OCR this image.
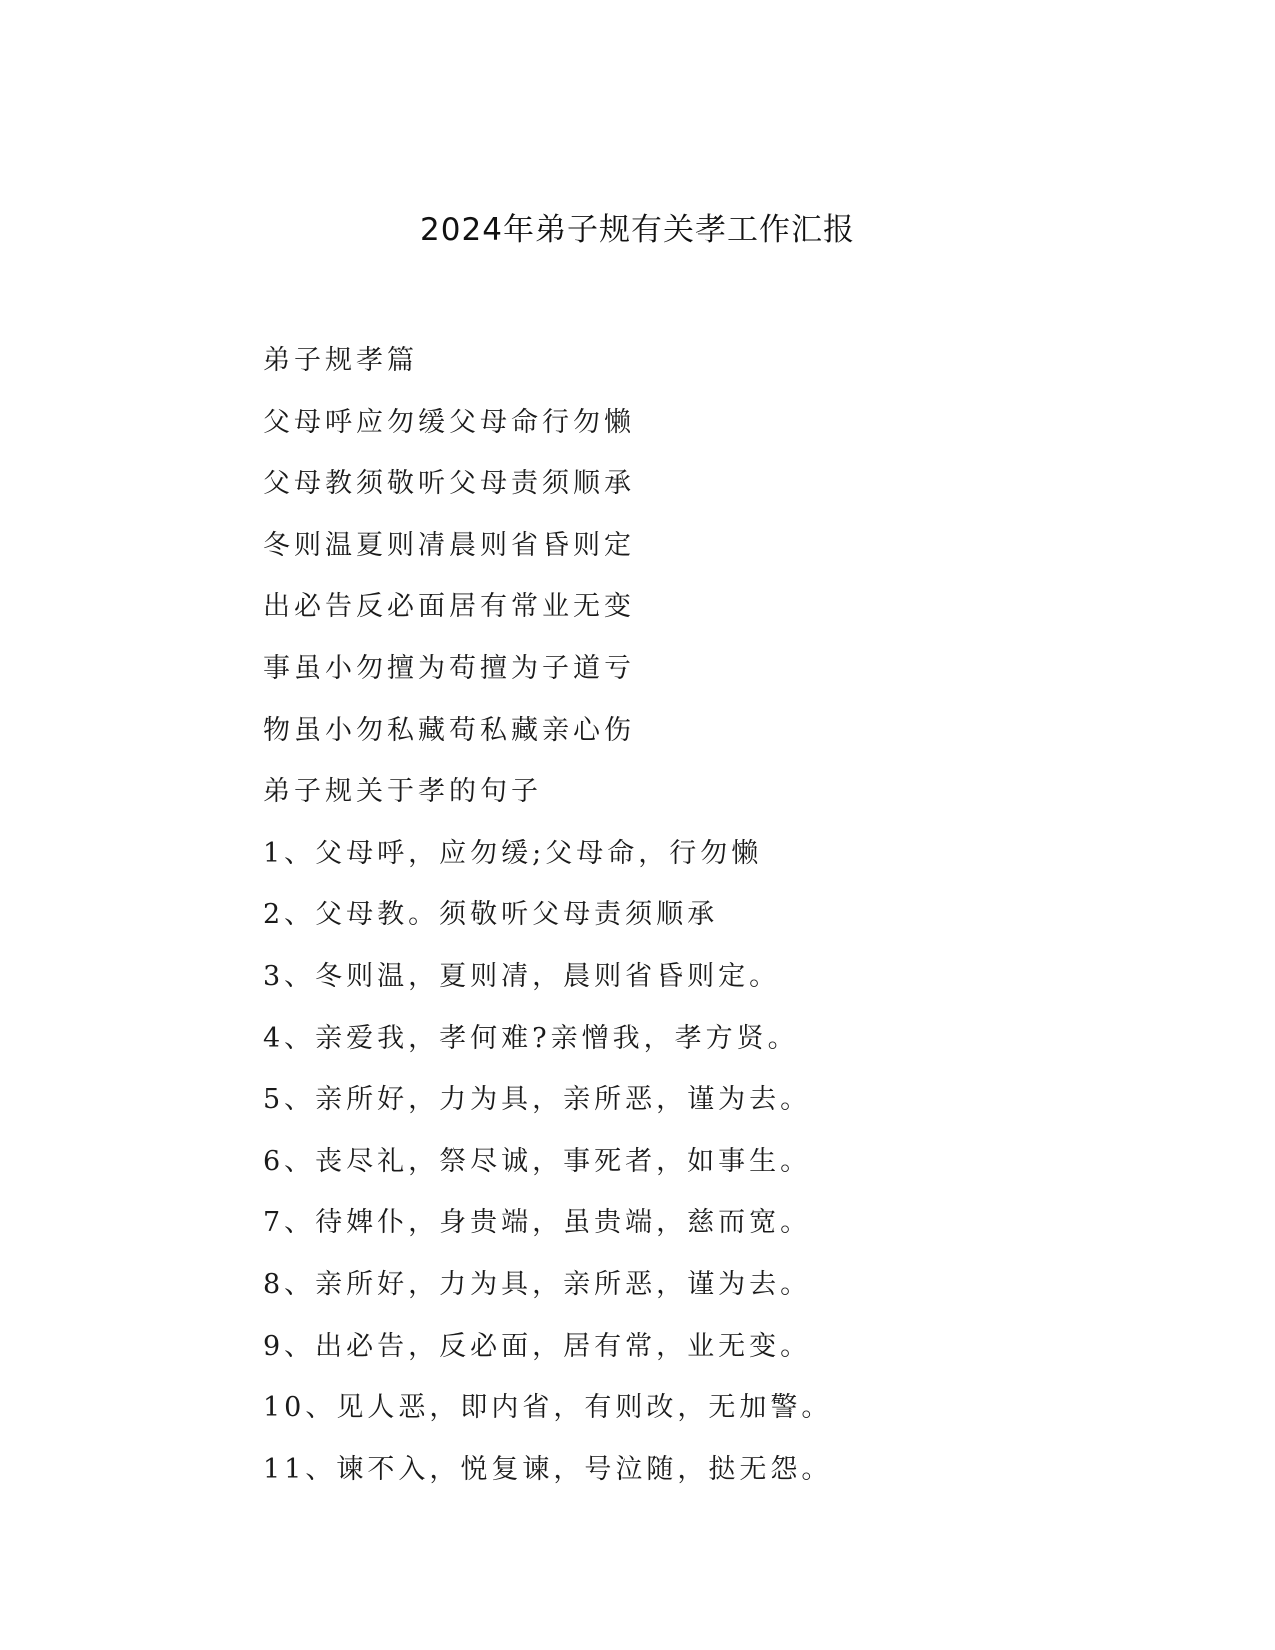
2024年弟子规有关孝工作汇报
弟子规孝篇
父母呼应勿缓父母命行勿懒
父母教须敬听父母责须顺承
冬则温夏则凊晨则省昏则定
出必告反必面居有常业无变
事虽小勿擅为苟擅为子道亏
物虽小勿私藏苟私藏亲心伤
弟子规关于孝的句子
1、父母呼，应勿缓;父母命，行勿懒
2、父母教。须敬听父母责须顺承
3、冬则温，夏则凊，晨则省昏则定。
4、亲爱我，孝何难?亲憎我，孝方贤。
5、亲所好，力为具，亲所恶，谨为去。
6、丧尽礼，祭尽诚，事死者，如事生。
7、待婢仆，身贵端，虽贵端，慈而宽。
8、亲所好，力为具，亲所恶，谨为去。
9、出必告，反必面，居有常，业无变。
10、见人恶，即内省，有则改，无加警。
11、谏不入，悦复谏，号泣随，挞无怨。
